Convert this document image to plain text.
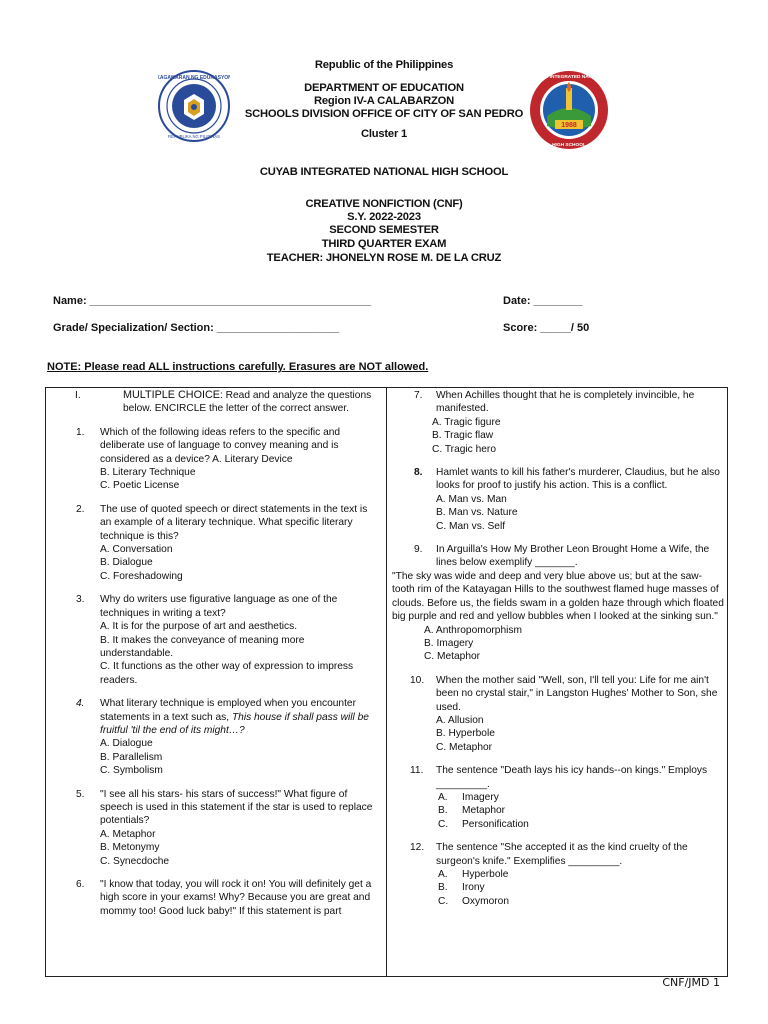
KAGAWARAN NG EDUKASYON
REPUBLIKA NG PILIPINAS
1988
CUYAB INTEGRATED NATIONAL
HIGH SCHOOL
Republic of the Philippines
DEPARTMENT OF EDUCATION
Region IV-A CALABARZON
SCHOOLS DIVISION OFFICE OF CITY OF SAN PEDRO
Cluster 1
CUYAB INTEGRATED NATIONAL HIGH SCHOOL
CREATIVE NONFICTION (CNF)
S.Y. 2022-2023
SECOND SEMESTER
THIRD QUARTER EXAM
TEACHER: JHONELYN ROSE M. DE LA CRUZ
Name: ______________________________________________	Date: ________
Grade/ Specialization/ Section: ____________________	Score: _____/ 50
NOTE: Please read ALL instructions carefully. Erasures are NOT allowed.
I.	MULTIPLE CHOICE: Read and analyze the questions
below. ENCIRCLE the letter of the correct answer.
1. Which of the following ideas refers to the specific and deliberate use of language to convey meaning and is considered as a device? A. Literary Device
B. Literary Technique
C. Poetic License
2. The use of quoted speech or direct statements in the text is an example of a literary technique. What specific literary technique is this?
A. Conversation
B. Dialogue
C. Foreshadowing
3. Why do writers use figurative language as one of the techniques in writing a text?
A. It is for the purpose of art and aesthetics.
B. It makes the conveyance of meaning more understandable.
C. It functions as the other way of expression to impress readers.
4. What literary technique is employed when you encounter statements in a text such as, This house if shall pass will be fruitful 'til the end of its might…?
A. Dialogue
B. Parallelism
C. Symbolism
5. "I see all his stars- his stars of success!" What figure of speech is used in this statement if the star is used to replace potentials?
A. Metaphor
B. Metonymy
C. Synecdoche
6. "I know that today, you will rock it on! You will definitely get a high score in your exams! Why? Because you are great and mommy too! Good luck baby!" If this statement is part
7. When Achilles thought that he is completely invincible, he manifested.
A. Tragic figure
B. Tragic flaw
C. Tragic hero
8. Hamlet wants to kill his father's murderer, Claudius, but he also looks for proof to justify his action. This is a conflict.
A. Man vs. Man
B. Man vs. Nature
C. Man vs. Self
9. In Arguilla's How My Brother Leon Brought Home a Wife, the lines below exemplify _______.
"The sky was wide and deep and very blue above us; but at the saw-tooth rim of the Katayagan Hills to the southwest flamed huge masses of clouds. Before us, the fields swam in a golden haze through which floated big purple and red and yellow bubbles when I looked at the sinking sun."
A. Anthropomorphism
B. Imagery
C. Metaphor
10. When the mother said "Well, son, I'll tell you: Life for me ain't been no crystal stair," in Langston Hughes' Mother to Son, she used.
A. Allusion
B. Hyperbole
C. Metaphor
11. The sentence "Death lays his icy hands--on kings." Employs _________.
A.	Imagery
B.	Metaphor
C.	Personification
12. The sentence "She accepted it as the kind cruelty of the surgeon's knife." Exemplifies _________.
A.	Hyperbole
B.	Irony
C.	Oxymoron
CNF/JMD 1
